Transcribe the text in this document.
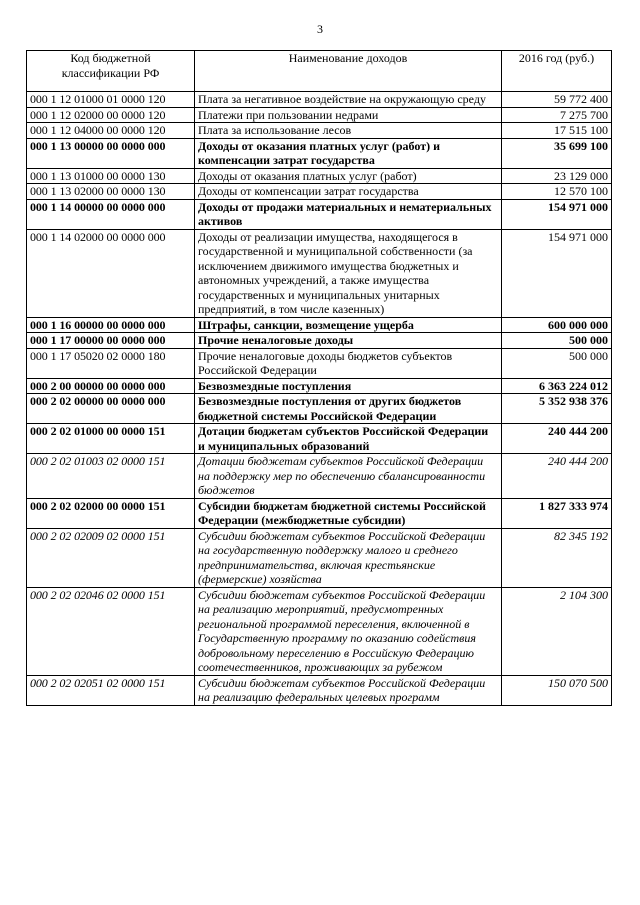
3
Код бюджетной классификации РФ	Наименование доходов	2016 год (руб.)
000 1 12 01000 01 0000 120	Плата за негативное воздействие на окружающую среду	59 772 400
000 1 12 02000 00 0000 120	Платежи при пользовании недрами	7 275 700
000 1 12 04000 00 0000 120	Плата за использование лесов	17 515 100
000 1 13 00000 00 0000 000	Доходы от оказания платных услуг (работ) и компенсации затрат государства	35 699 100
000 1 13 01000 00 0000 130	Доходы от оказания платных услуг (работ)	23 129 000
000 1 13 02000 00 0000 130	Доходы от компенсации затрат государства	12 570 100
000 1 14 00000 00 0000 000	Доходы от продажи материальных и нематериальных активов	154 971 000
000 1 14 02000 00 0000 000	Доходы от реализации имущества, находящегося в государственной и муниципальной собственности (за исключением движимого имущества бюджетных и автономных учреждений, а также имущества государственных и муниципальных унитарных предприятий, в том числе казенных)	154 971 000
000 1 16 00000 00 0000 000	Штрафы, санкции, возмещение ущерба	600 000 000
000 1 17 00000 00 0000 000	Прочие неналоговые доходы	500 000
000 1 17 05020 02 0000 180	Прочие неналоговые доходы бюджетов субъектов Российской Федерации	500 000
000 2 00 00000 00 0000 000	Безвозмездные поступления	6 363 224 012
000 2 02 00000 00 0000 000	Безвозмездные поступления от других бюджетов бюджетной системы Российской Федерации	5 352 938 376
000 2 02 01000 00 0000 151	Дотации бюджетам субъектов Российской Федерации и муниципальных образований	240 444 200
000 2 02 01003 02 0000 151	Дотации бюджетам субъектов Российской Федерации на поддержку мер по обеспечению сбалансированности бюджетов	240 444 200
000 2 02 02000 00 0000 151	Субсидии бюджетам бюджетной системы Российской Федерации (межбюджетные субсидии)	1 827 333 974
000 2 02 02009 02 0000 151	Субсидии бюджетам субъектов Российской Федерации на государственную поддержку малого и среднего предпринимательства, включая крестьянские (фермерские) хозяйства	82 345 192
000 2 02 02046 02 0000 151	Субсидии бюджетам субъектов Российской Федерации на реализацию мероприятий, предусмотренных региональной программой переселения, включенной в Государственную программу по оказанию содействия добровольному переселению в Российскую Федерацию соотечественников, проживающих за рубежом	2 104 300
000 2 02 02051 02 0000 151	Субсидии бюджетам субъектов Российской Федерации на реализацию федеральных целевых программ	150 070 500
